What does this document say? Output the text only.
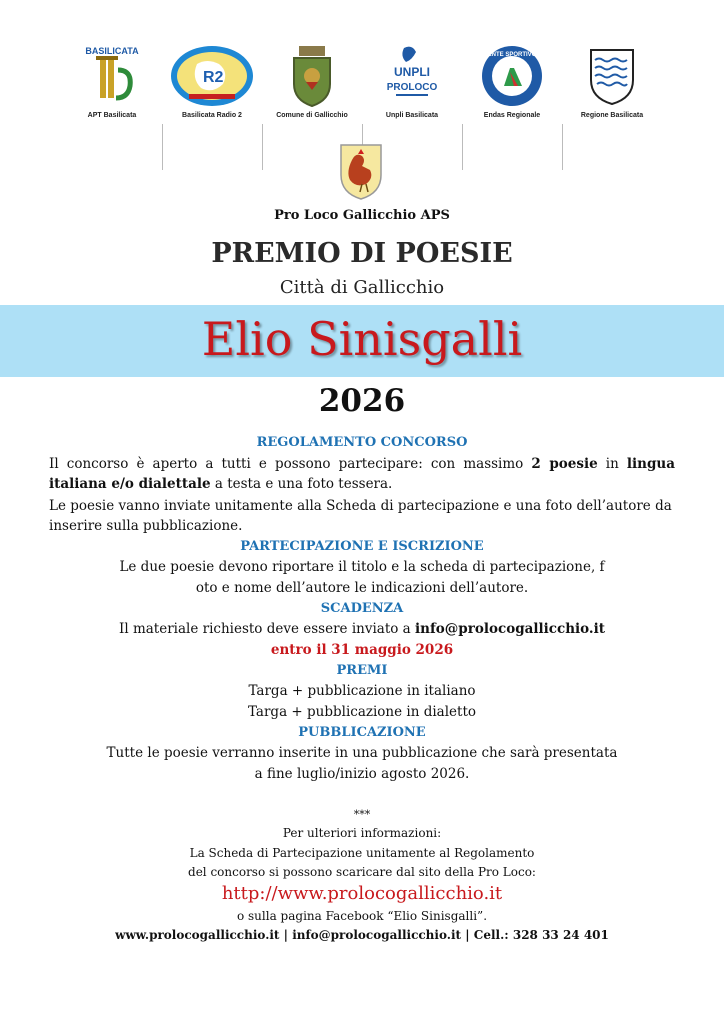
BASILICATA
APT Basilicata
R2
Basilicata Radio 2	Comune di Gallicchio
UNPLI
PROLOCO
Unpli Basilicata
ENTE SPORTIVO
Endas Regionale	Regione Basilicata
Pro Loco Gallicchio APS
PREMIO DI POESIE
Città di Gallicchio
Elio Sinisgalli
2026
REGOLAMENTO CONCORSO
Il concorso è aperto a tutti e possono partecipare: con massimo 2 poesie in lingua italiana e/o dialettale a testa e una foto tessera.
Le poesie vanno inviate unitamente alla Scheda di partecipazione e una foto dell’autore da inserire sulla pubblicazione.
PARTECIPAZIONE E ISCRIZIONE
Le due poesie devono riportare il titolo e la scheda di partecipazione, f
oto e nome dell’autore le indicazioni dell’autore.
SCADENZA
Il materiale richiesto deve essere inviato a info@prolocogallicchio.it
entro il 31 maggio 2026
PREMI
Targa + pubblicazione in italiano
Targa + pubblicazione in dialetto
PUBBLICAZIONE
Tutte le poesie verranno inserite in una pubblicazione che sarà presentata
a fine luglio/inizio agosto 2026.
***
Per ulteriori informazioni:
La Scheda di Partecipazione unitamente al Regolamento
del concorso si possono scaricare dal sito della Pro Loco:
http://www.prolocogallicchio.it
o sulla pagina Facebook “Elio Sinisgalli”.
www.prolocogallicchio.it | info@prolocogallicchio.it | Cell.: 328 33 24 401
